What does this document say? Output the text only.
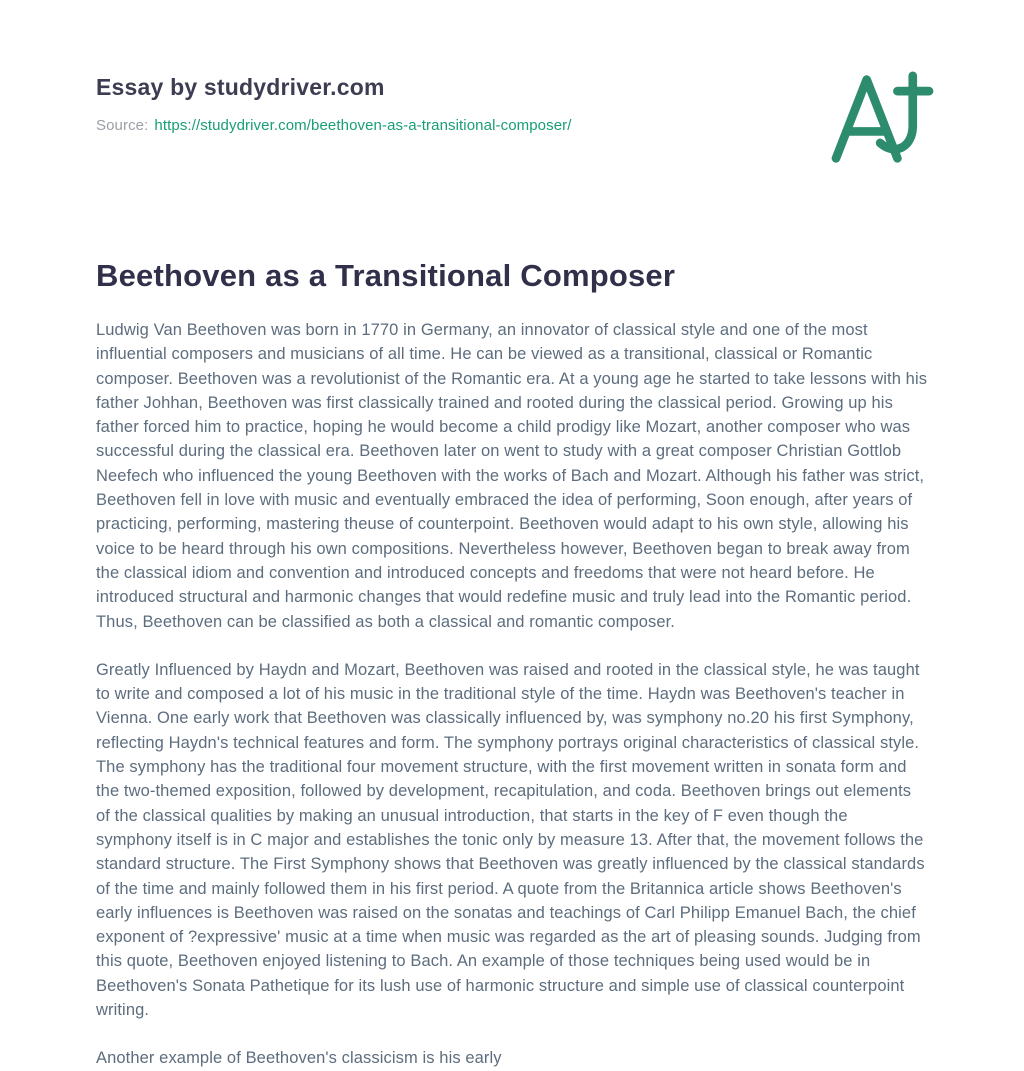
Essay by studydriver.com

Source: https://studydriver.com/beethoven-as-a-transitional-composer/

Beethoven as a Transitional Composer

Ludwig Van Beethoven was born in 1770 in Germany, an innovator of classical style and one of the most influential composers and musicians of all time. He can be viewed as a transitional, classical or Romantic composer. Beethoven was a revolutionist of the Romantic era. At a young age he started to take lessons with his father Johhan, Beethoven was first classically trained and rooted during the classical period. Growing up his father forced him to practice, hoping he would become a child prodigy like Mozart, another composer who was successful during the classical era. Beethoven later on went to study with a great composer Christian Gottlob Neefech who influenced the young Beethoven with the works of Bach and Mozart. Although his father was strict, Beethoven fell in love with music and eventually embraced the idea of performing, Soon enough, after years of practicing, performing, mastering theuse of counterpoint. Beethoven would adapt to his own style, allowing his voice to be heard through his own compositions. Nevertheless however, Beethoven began to break away from the classical idiom and convention and introduced concepts and freedoms that were not heard before. He introduced structural and harmonic changes that would redefine music and truly lead into the Romantic period. Thus, Beethoven can be classified as both a classical and romantic composer.

Greatly Influenced by Haydn and Mozart, Beethoven was raised and rooted in the classical style, he was taught to write and composed a lot of his music in the traditional style of the time. Haydn was Beethoven's teacher in Vienna. One early work that Beethoven was classically influenced by, was symphony no.20 his first Symphony, reflecting Haydn's technical features and form. The symphony portrays original characteristics of classical style. The symphony has the traditional four movement structure, with the first movement written in sonata form and the two-themed exposition, followed by development, recapitulation, and coda. Beethoven brings out elements of the classical qualities by making an unusual introduction, that starts in the key of F even though the symphony itself is in C major and establishes the tonic only by measure 13. After that, the movement follows the standard structure. The First Symphony shows that Beethoven was greatly influenced by the classical standards of the time and mainly followed them in his first period. A quote from the Britannica article shows Beethoven's early influences is Beethoven was raised on the sonatas and teachings of Carl Philipp Emanuel Bach, the chief exponent of ?expressive' music at a time when music was regarded as the art of pleasing sounds. Judging from this quote, Beethoven enjoyed listening to Bach. An example of those techniques being used would be in Beethoven's Sonata Pathetique for its lush use of harmonic structure and simple use of classical counterpoint writing.

Another example of Beethoven's classicism is his early
